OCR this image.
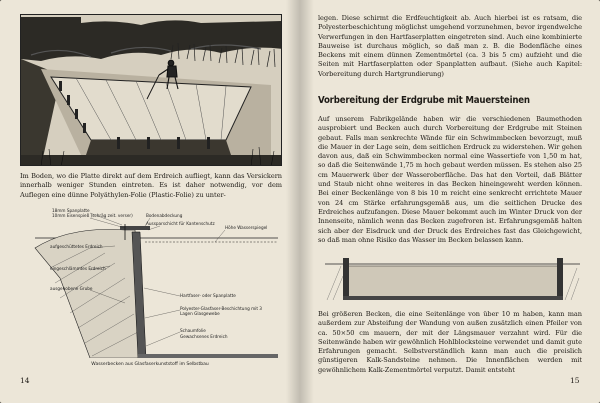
Im Boden, wo die Platte direkt auf dem Erdreich aufliegt, kann das Versickern innerhalb weniger Stunden eintreten. Es ist daher notwendig, vor dem Auflegen eine dünne Polyäthylen-Folie (Plastic-Folie) zu unter-
18mm Spanplatte
10mm Eisenspieß (schräg zeit. verser)	Bodenabdeckung
Aussparschicht für Kantenschutz
Höhe Wasserspiegel
aufgeschüttetes Erdreich
eingeschlämmtes Erdreich
ausgehobene Grube
Hartfaser- oder Spanplatte
Polyester-Glasfaser-Beschichtung mit 3 Lagen Glasgewebe
Schaumfolie
Gewachsenes Erdreich
Wasserbecken aus Glasfaserkunststoff im Selbstbau
14
legen. Diese schirmt die Erdfeuchtigkeit ab. Auch hierbei ist es ratsam, die Polyesterbeschichtung möglichst umgehend vorzunehmen, bevor irgendwelche Verwerfungen in den Hartfaserplatten eingetreten sind. Auch eine kombinierte Bauweise ist durchaus möglich, so daß man z. B. die Bodenfläche eines Beckens mit einem dünnen Zementmörtel (ca. 3 bis 5 cm) aufzieht und die Seiten mit Hartfaserplatten oder Spanplatten aufbaut. (Siehe auch Kapitel: Vorbereitung durch Hartgrundierung)
Vorbereitung der Erdgrube mit Mauersteinen
Auf unserem Fabrikgelände haben wir die verschiedenen Baumethoden ausprobiert und Becken auch durch Vorbereitung der Erdgrube mit Steinen gebaut. Falls man senkrechte Wände für ein Schwimmbecken bevorzugt, muß die Mauer in der Lage sein, dem seitlichen Erdruck zu widerstehen. Wir gehen davon aus, daß ein Schwimmbecken normal eine Wassertiefe von 1,50 m hat, so daß die Seitenwände 1,75 m hoch gebaut werden müssen. Es stehen also 25 cm Mauerwerk über der Wasseroberfläche. Das hat den Vorteil, daß Blätter und Staub nicht ohne weiteres in das Becken hineingeweht werden können. Bei einer Beckenlänge von 8 bis 10 m reicht eine senkrecht errichtete Mauer von 24 cm Stärke erfahrungsgemäß aus, um die seitlichen Drucke des Erdreiches aufzufangen. Diese Mauer bekommt auch im Winter Druck von der Innenseite, nämlich wenn das Becken zugefroren ist. Erfahrungsgemäß halten sich aber der Eisdruck und der Druck des Erdreiches fast das Gleichgewicht, so daß man ohne Risiko das Wasser im Becken belassen kann.
Bei größeren Becken, die eine Seitenlänge von über 10 m haben, kann man außerdem zur Absteifung der Wandung von außen zusätzlich einen Pfeiler von ca. 50×50 cm mauern, der mit der Längsmauer verzahnt wird. Für die Seitenwände haben wir gewöhnlich Hohlblocksteine verwendet und damit gute Erfahrungen gemacht. Selbstverständlich kann man auch die preislich günstigeren Kalk-Sandsteine nehmen. Die Innenflächen werden mit gewöhnlichem Kalk-Zementmörtel verputzt. Damit entsteht
15
